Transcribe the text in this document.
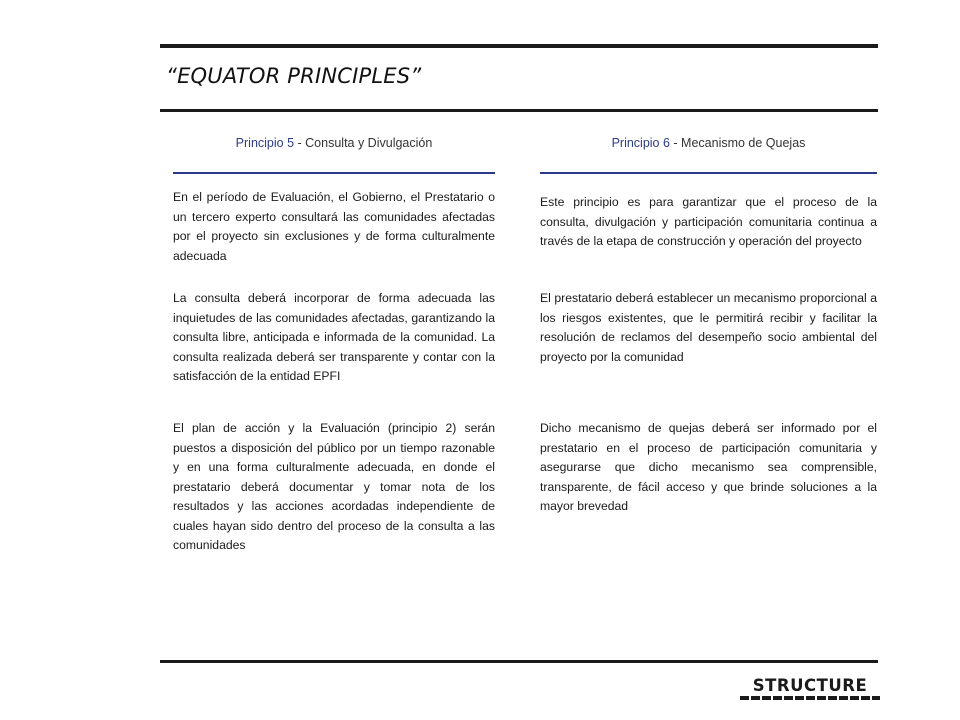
“EQUATOR PRINCIPLES”
Principio 5 - Consulta y Divulgación	Principio 6 - Mecanismo de Quejas

En el período de Evaluación, el Gobierno, el Prestatario o un tercero experto consultará las comunidades afectadas por el proyecto sin exclusiones y de forma culturalmente adecuada

La consulta deberá incorporar de forma adecuada las inquietudes de las comunidades afectadas, garantizando la consulta libre, anticipada e informada de la comunidad. La consulta realizada deberá ser transparente y contar con la satisfacción de la entidad EPFI

El plan de acción y la Evaluación (principio 2) serán puestos a disposición del público por un tiempo razonable y en una forma culturalmente adecuada, en donde el prestatario deberá documentar y tomar nota de los resultados y las acciones acordadas independiente de cuales hayan sido dentro del proceso de la consulta a las comunidades

Este principio es para garantizar que el proceso de la consulta, divulgación y participación comunitaria continua a través de la etapa de construcción y operación del proyecto

El prestatario deberá establecer un mecanismo proporcional a los riesgos existentes, que le permitirá recibir y facilitar la resolución de reclamos del desempeño socio ambiental del proyecto por la comunidad

Dicho mecanismo de quejas deberá ser informado por el prestatario en el proceso de participación comunitaria y asegurarse que dicho mecanismo sea comprensible, transparente, de fácil acceso y que brinde soluciones a la mayor brevedad

STRUCTURE
